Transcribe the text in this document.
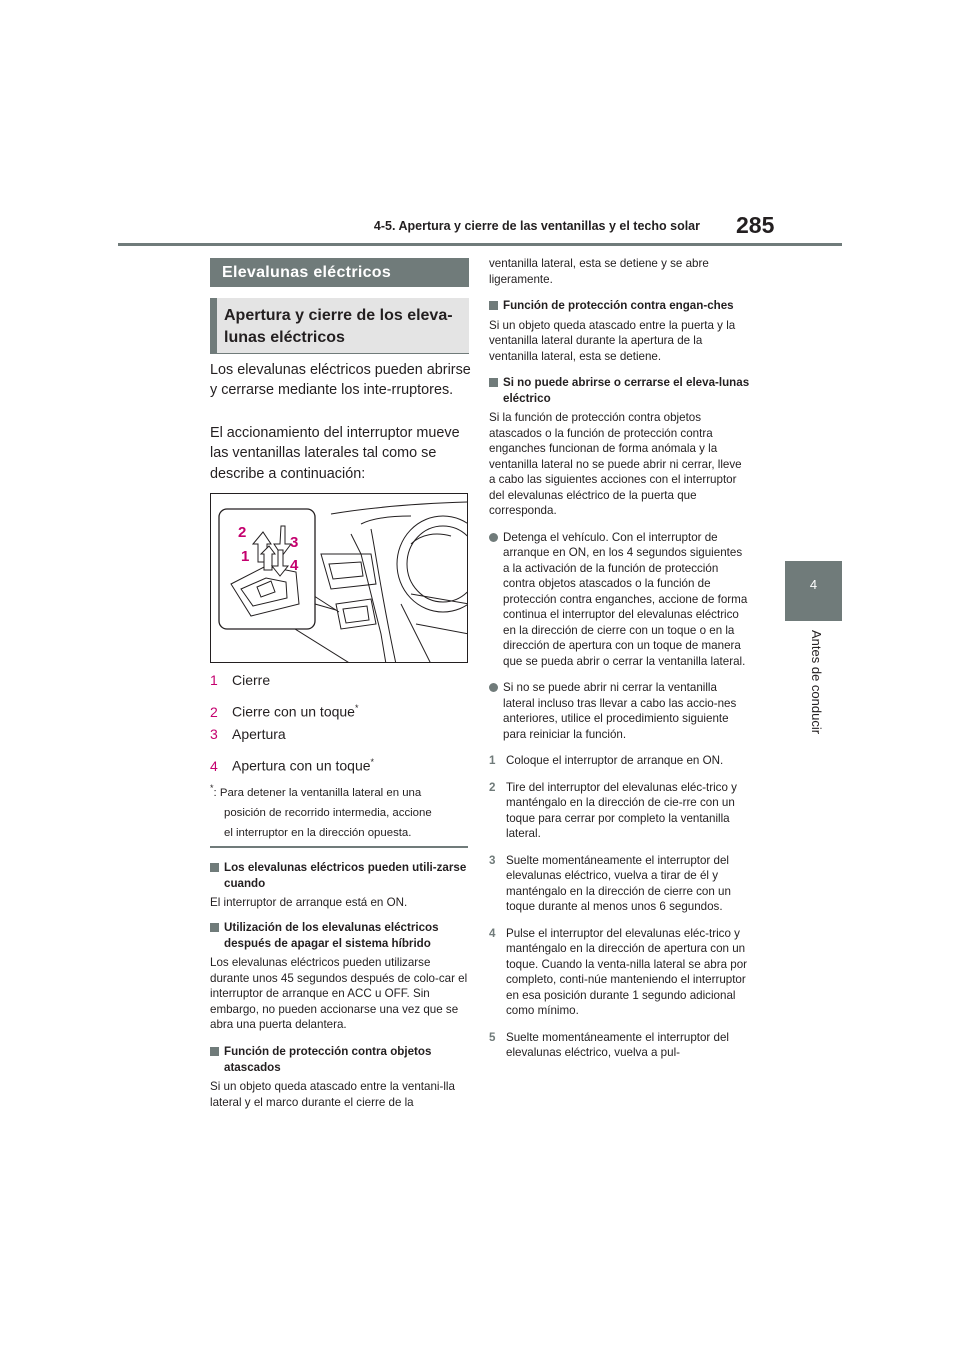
4-5. Apertura y cierre de las ventanillas y el techo solar 285
4
Antes de conducir
Elevalunas eléctricos
Apertura y cierre de los eleva-lunas eléctricos

Los elevalunas eléctricos pueden abrirse y cerrarse mediante los inte-rruptores.

El accionamiento del interruptor mueve las ventanillas laterales tal como se describe a continuación:

2
1
3
4
1 Cierre
2 Cierre con un toque*
3 Apertura
4 Apertura con un toque*
*: Para detener la ventanilla lateral en una
posición de recorrido intermedia, accione
el interruptor en la dirección opuesta.

Los elevalunas eléctricos pueden utili-zarse cuando

El interruptor de arranque está en ON.

Utilización de los elevalunas eléctricos después de apagar el sistema híbrido

Los elevalunas eléctricos pueden utilizarse durante unos 45 segundos después de colo-car el interruptor de arranque en ACC u OFF. Sin embargo, no pueden accionarse una vez que se abra una puerta delantera.

Función de protección contra objetos atascados

Si un objeto queda atascado entre la ventani-lla lateral y el marco durante el cierre de la

ventanilla lateral, esta se detiene y se abre ligeramente.

Función de protección contra engan-ches

Si un objeto queda atascado entre la puerta y la ventanilla lateral durante la apertura de la ventanilla lateral, esta se detiene.

Si no puede abrirse o cerrarse el eleva-lunas eléctrico

Si la función de protección contra objetos atascados o la función de protección contra enganches funcionan de forma anómala y la ventanilla lateral no se puede abrir ni cerrar, lleve a cabo las siguientes acciones con el interruptor del elevalunas eléctrico de la puerta que corresponda.

Detenga el vehículo. Con el interruptor de arranque en ON, en los 4 segundos siguientes a la activación de la función de protección contra objetos atascados o la función de protección contra enganches, accione de forma continua el interruptor del elevalunas eléctrico en la dirección de cierre con un toque o en la dirección de apertura con un toque de manera que se pueda abrir o cerrar la ventanilla lateral.
Si no se puede abrir ni cerrar la ventanilla lateral incluso tras llevar a cabo las accio-nes anteriores, utilice el procedimiento siguiente para reiniciar la función.
1 Coloque el interruptor de arranque en ON.
2 Tire del interruptor del elevalunas eléc-trico y manténgalo en la dirección de cie-rre con un toque para cerrar por completo la ventanilla lateral.
3 Suelte momentáneamente el interruptor del elevalunas eléctrico, vuelva a tirar de él y manténgalo en la dirección de cierre con un toque durante al menos unos 6 segundos.
4 Pulse el interruptor del elevalunas eléc-trico y manténgalo en la dirección de apertura con un toque. Cuando la venta-nilla lateral se abra por completo, conti-núe manteniendo el interruptor en esa posición durante 1 segundo adicional como mínimo.
5 Suelte momentáneamente el interruptor del elevalunas eléctrico, vuelva a pul-
